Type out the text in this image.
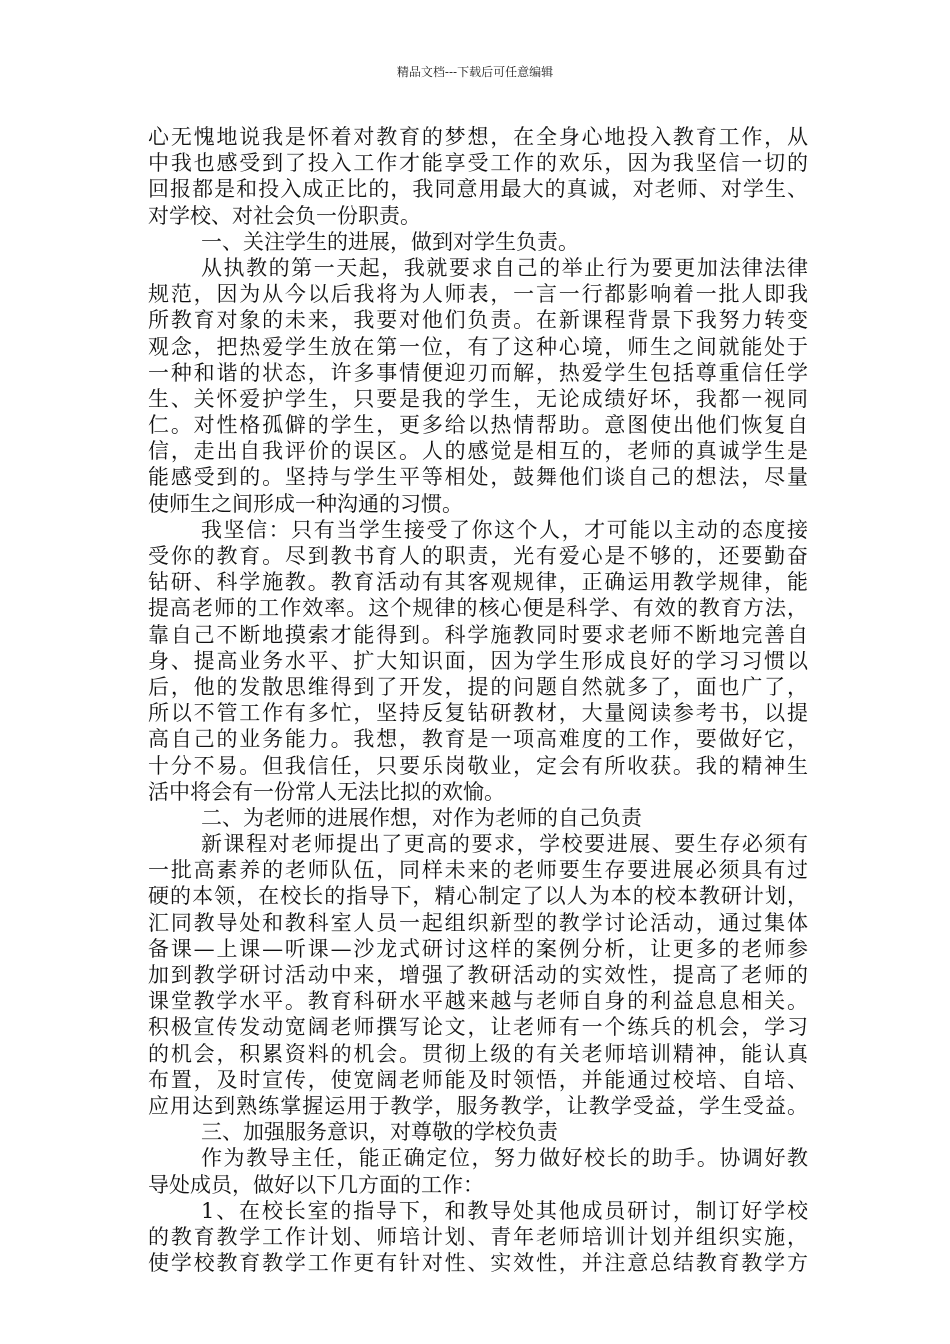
精品文档---下载后可任意编辑
心无愧地说我是怀着对教育的梦想，在全身心地投入教育工作，从
中我也感受到了投入工作才能享受工作的欢乐，因为我坚信一切的
回报都是和投入成正比的，我同意用最大的真诚，对老师、对学生、
对学校、对社会负一份职责。
一、关注学生的进展，做到对学生负责。
从执教的第一天起，我就要求自己的举止行为要更加法律法律
规范，因为从今以后我将为人师表，一言一行都影响着一批人即我
所教育对象的未来，我要对他们负责。在新课程背景下我努力转变
观念，把热爱学生放在第一位，有了这种心境，师生之间就能处于
一种和谐的状态，许多事情便迎刃而解，热爱学生包括尊重信任学
生、关怀爱护学生，只要是我的学生，无论成绩好坏，我都一视同
仁。对性格孤僻的学生，更多给以热情帮助。意图使出他们恢复自
信，走出自我评价的误区。人的感觉是相互的，老师的真诚学生是
能感受到的。坚持与学生平等相处，鼓舞他们谈自己的想法，尽量
使师生之间形成一种沟通的习惯。
我坚信：只有当学生接受了你这个人，才可能以主动的态度接
受你的教育。尽到教书育人的职责，光有爱心是不够的，还要勤奋
钻研、科学施教。教育活动有其客观规律，正确运用教学规律，能
提高老师的工作效率。这个规律的核心便是科学、有效的教育方法，
靠自己不断地摸索才能得到。科学施教同时要求老师不断地完善自
身、提高业务水平、扩大知识面，因为学生形成良好的学习习惯以
后，他的发散思维得到了开发，提的问题自然就多了，面也广了，
所以不管工作有多忙，坚持反复钻研教材，大量阅读参考书，以提
高自己的业务能力。我想，教育是一项高难度的工作，要做好它，
十分不易。但我信任，只要乐岗敬业，定会有所收获。我的精神生
活中将会有一份常人无法比拟的欢愉。
二、为老师的进展作想，对作为老师的自己负责
新课程对老师提出了更高的要求，学校要进展、要生存必须有
一批高素养的老师队伍，同样未来的老师要生存要进展必须具有过
硬的本领，在校长的指导下，精心制定了以人为本的校本教研计划，
汇同教导处和教科室人员一起组织新型的教学讨论活动，通过集体
备课—上课—听课—沙龙式研讨这样的案例分析，让更多的老师参
加到教学研讨活动中来，增强了教研活动的实效性，提高了老师的
课堂教学水平。教育科研水平越来越与老师自身的利益息息相关。
积极宣传发动宽阔老师撰写论文，让老师有一个练兵的机会，学习
的机会，积累资料的机会。贯彻上级的有关老师培训精神，能认真
布置，及时宣传，使宽阔老师能及时领悟，并能通过校培、自培、
应用达到熟练掌握运用于教学，服务教学，让教学受益，学生受益。
三、加强服务意识，对尊敬的学校负责
作为教导主任，能正确定位，努力做好校长的助手。协调好教
导处成员，做好以下几方面的工作：
1、在校长室的指导下，和教导处其他成员研讨，制订好学校
的教育教学工作计划、师培计划、青年老师培训计划并组织实施，
使学校教育教学工作更有针对性、实效性，并注意总结教育教学方
